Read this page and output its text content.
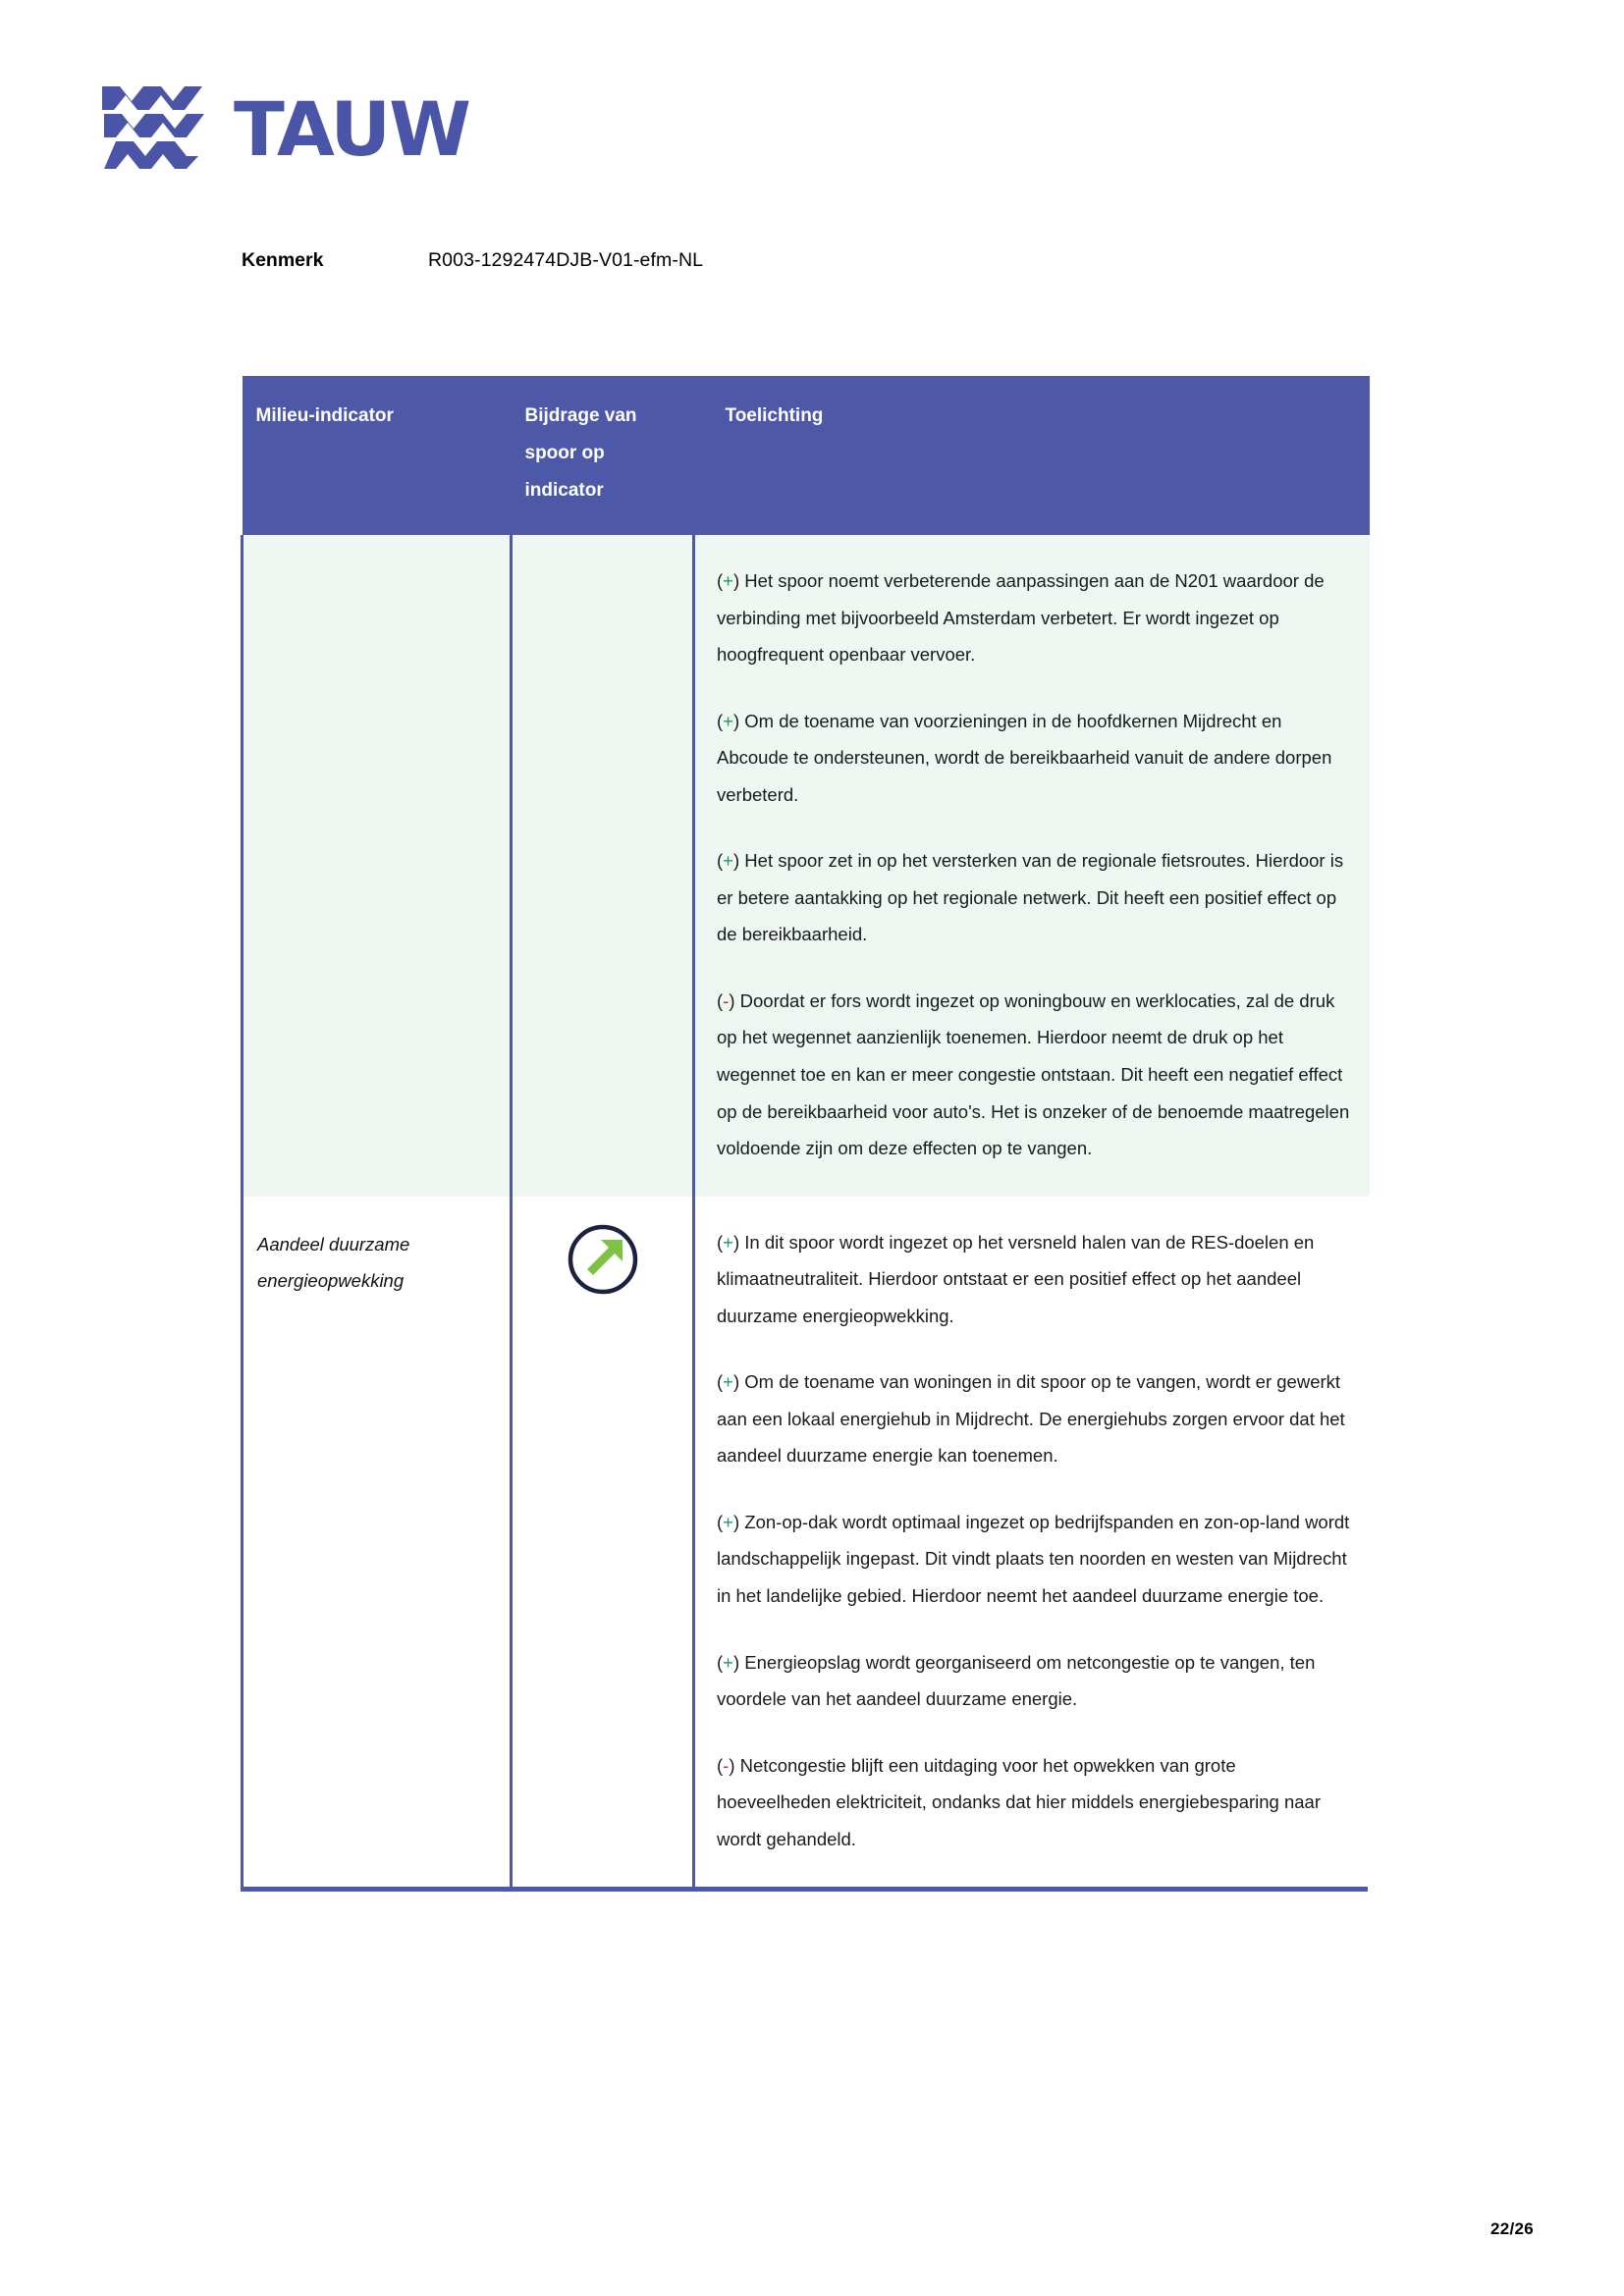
TAUW
Kenmerk	R003-1292474DJB-V01-efm-NL
Milieu-indicator	Bijdrage van spoor op indicator	Toelichting

		(+) Het spoor noemt verbeterende aanpassingen aan de N201 waardoor de verbinding met bijvoorbeeld Amsterdam verbetert. Er wordt ingezet op hoogfrequent openbaar vervoer.

(+) Om de toename van voorzieningen in de hoofdkernen Mijdrecht en Abcoude te ondersteunen, wordt de bereikbaarheid vanuit de andere dorpen verbeterd.

(+) Het spoor zet in op het versterken van de regionale fietsroutes. Hierdoor is er betere aantakking op het regionale netwerk. Dit heeft een positief effect op de bereikbaarheid.

(-) Doordat er fors wordt ingezet op woningbouw en werklocaties, zal de druk op het wegennet aanzienlijk toenemen. Hierdoor neemt de druk op het wegennet toe en kan er meer congestie ontstaan. Dit heeft een negatief effect op de bereikbaarheid voor auto's. Het is onzeker of de benoemde maatregelen voldoende zijn om deze effecten op te vangen.

Aandeel duurzame energieopwekking		(+) In dit spoor wordt ingezet op het versneld halen van de RES-doelen en klimaatneutraliteit. Hierdoor ontstaat er een positief effect op het aandeel duurzame energieopwekking.

(+) Om de toename van woningen in dit spoor op te vangen, wordt er gewerkt aan een lokaal energiehub in Mijdrecht. De energiehubs zorgen ervoor dat het aandeel duurzame energie kan toenemen.

(+) Zon-op-dak wordt optimaal ingezet op bedrijfspanden en zon-op-land wordt landschappelijk ingepast. Dit vindt plaats ten noorden en westen van Mijdrecht in het landelijke gebied. Hierdoor neemt het aandeel duurzame energie toe.

(+) Energieopslag wordt georganiseerd om netcongestie op te vangen, ten voordele van het aandeel duurzame energie.

(-) Netcongestie blijft een uitdaging voor het opwekken van grote hoeveelheden elektriciteit, ondanks dat hier middels energiebesparing naar wordt gehandeld.

22/26
